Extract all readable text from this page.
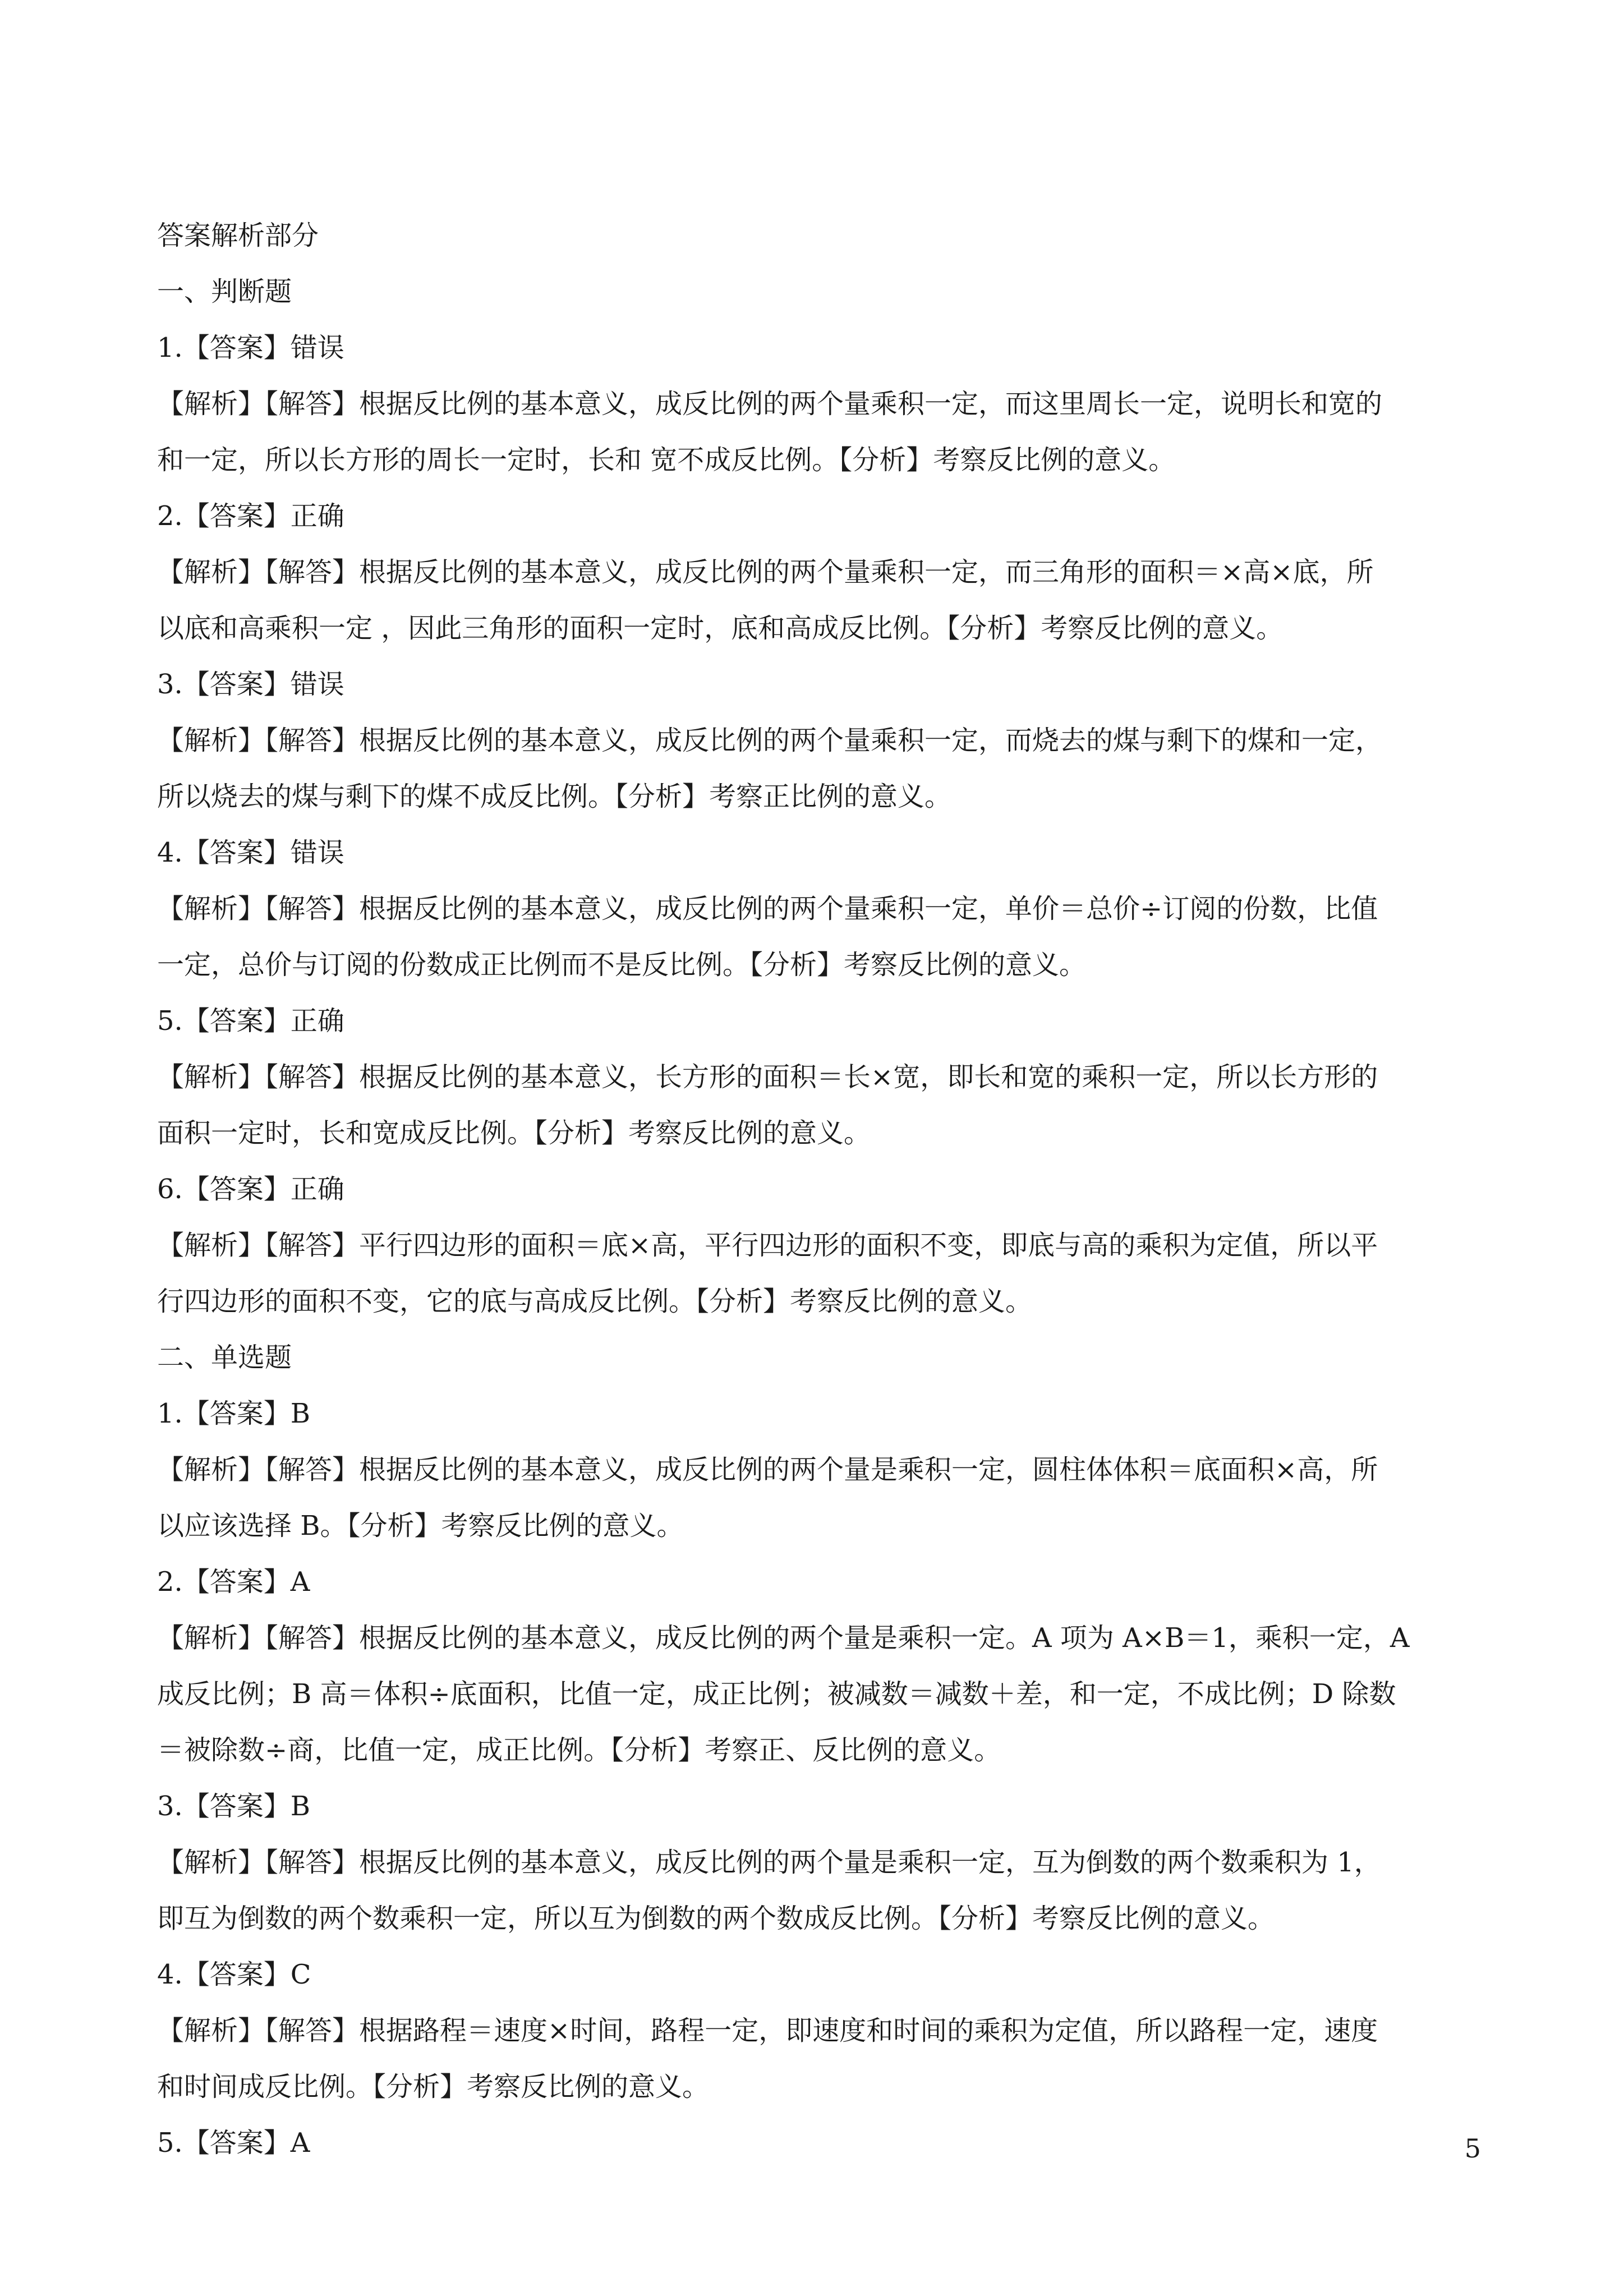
答案解析部分
一、判断题
1.【答案】错误
【解析】【解答】根据反比例的基本意义，成反比例的两个量乘积一定，而这里周长一定，说明长和宽的
和一定，所以长方形的周长一定时，长和 宽不成反比例。【分析】考察反比例的意义。
2.【答案】正确
【解析】【解答】根据反比例的基本意义，成反比例的两个量乘积一定，而三角形的面积＝×高×底，所
以底和高乘积一定 ，因此三角形的面积一定时，底和高成反比例。【分析】考察反比例的意义。
3.【答案】错误
【解析】【解答】根据反比例的基本意义，成反比例的两个量乘积一定，而烧去的煤与剩下的煤和一定，
所以烧去的煤与剩下的煤不成反比例。【分析】考察正比例的意义。
4.【答案】错误
【解析】【解答】根据反比例的基本意义，成反比例的两个量乘积一定，单价＝总价÷订阅的份数，比值
一定，总价与订阅的份数成正比例而不是反比例。【分析】考察反比例的意义。
5.【答案】正确
【解析】【解答】根据反比例的基本意义，长方形的面积＝长×宽，即长和宽的乘积一定，所以长方形的
面积一定时，长和宽成反比例。【分析】考察反比例的意义。
6.【答案】正确
【解析】【解答】平行四边形的面积＝底×高，平行四边形的面积不变，即底与高的乘积为定值，所以平
行四边形的面积不变，它的底与高成反比例。【分析】考察反比例的意义。
二、单选题
1.【答案】B
【解析】【解答】根据反比例的基本意义，成反比例的两个量是乘积一定，圆柱体体积＝底面积×高，所
以应该选择 B。【分析】考察反比例的意义。
2.【答案】A
【解析】【解答】根据反比例的基本意义，成反比例的两个量是乘积一定。A 项为 A×B＝1，乘积一定，A
成反比例；B 高＝体积÷底面积，比值一定，成正比例；被减数＝减数＋差，和一定，不成比例；D 除数
＝被除数÷商，比值一定，成正比例。【分析】考察正、反比例的意义。
3.【答案】B
【解析】【解答】根据反比例的基本意义，成反比例的两个量是乘积一定，互为倒数的两个数乘积为 1，
即互为倒数的两个数乘积一定，所以互为倒数的两个数成反比例。【分析】考察反比例的意义。
4.【答案】C
【解析】【解答】根据路程＝速度×时间，路程一定，即速度和时间的乘积为定值，所以路程一定，速度
和时间成反比例。【分析】考察反比例的意义。
5.【答案】A	5
